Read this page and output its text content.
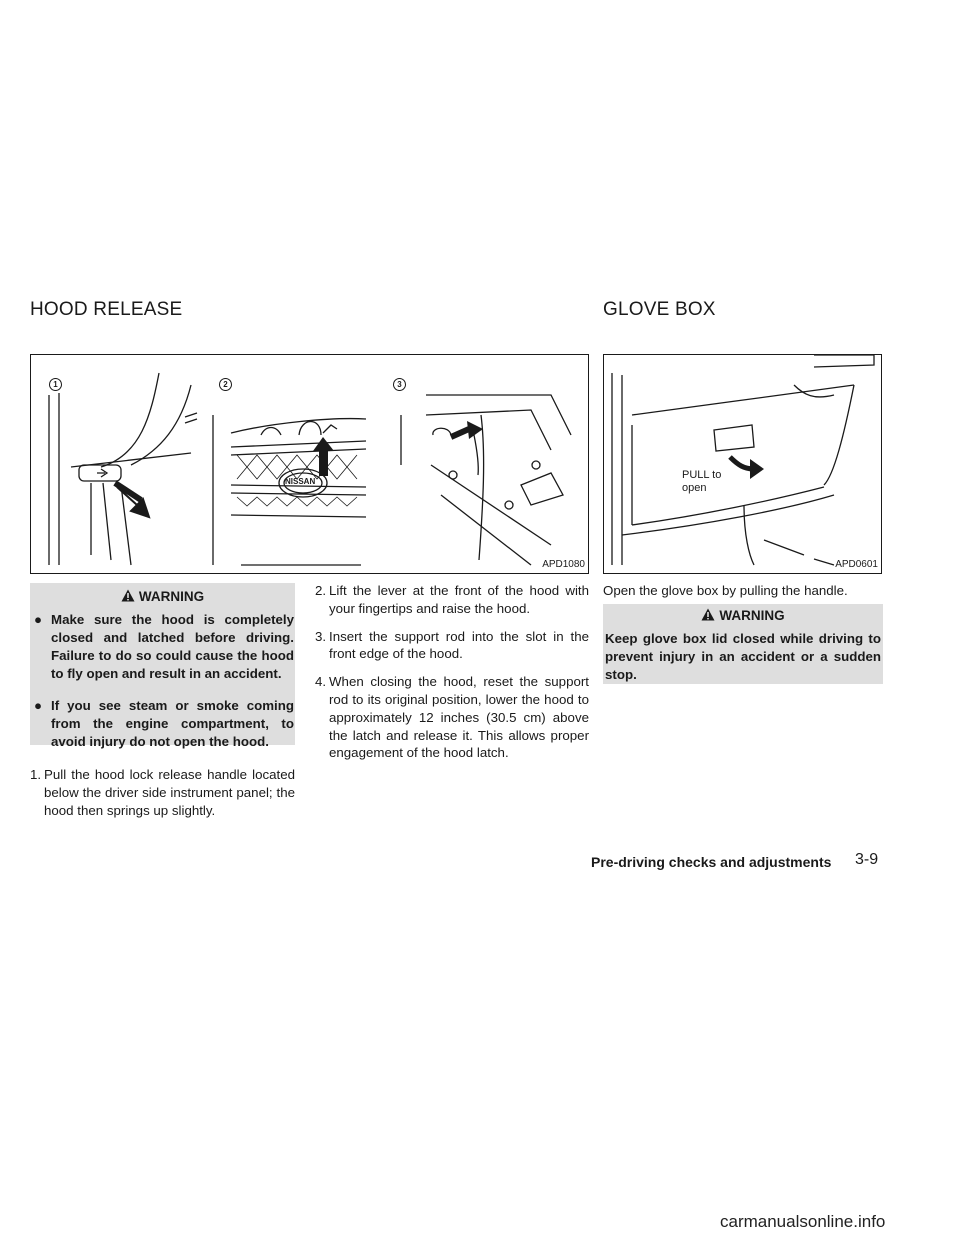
HOOD RELEASE	GLOVE BOX
1	2	3
NISSAN
APD1080
PULL to
open
APD0601
WARNING
● Make sure the hood is completely closed and latched before driving. Failure to do so could cause the hood to fly open and result in an accident.
● If you see steam or smoke coming from the engine compartment, to avoid injury do not open the hood.
1. Pull the hood lock release handle located below the driver side instrument panel; the hood then springs up slightly.
2. Lift the lever at the front of the hood with your fingertips and raise the hood.
3. Insert the support rod into the slot in the front edge of the hood.
4. When closing the hood, reset the support rod to its original position, lower the hood to approximately 12 inches (30.5 cm) above the latch and release it. This allows proper engagement of the hood latch.
Open the glove box by pulling the handle.
WARNING
Keep glove box lid closed while driving to prevent injury in an accident or a sudden stop.
Pre-driving checks and adjustments 3-9
carmanualsonline.info
